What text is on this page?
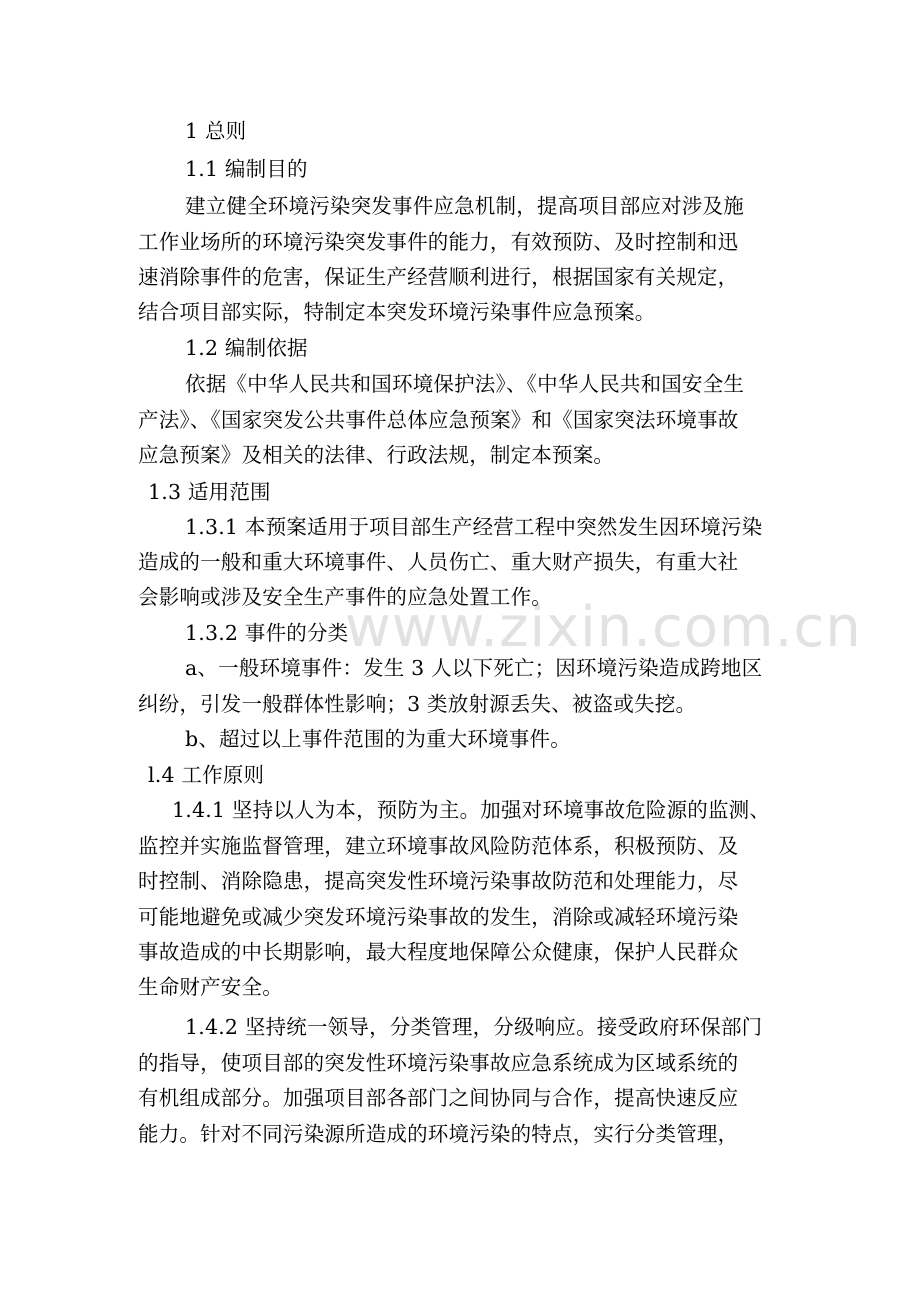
www.zixin.com.cn
1 总则
1.1 编制目的
建立健全环境污染突发事件应急机制，提高项目部应对涉及施
工作业场所的环境污染突发事件的能力，有效预防、及时控制和迅
速消除事件的危害，保证生产经营顺利进行，根据国家有关规定，
结合项目部实际，特制定本突发环境污染事件应急预案。
1.2 编制依据
依据《中华人民共和国环境保护法》、《中华人民共和国安全生
产法》、《国家突发公共事件总体应急预案》和《国家突法环境事故
应急预案》及相关的法律、行政法规，制定本预案。
1.3 适用范围
1.3.1 本预案适用于项目部生产经营工程中突然发生因环境污染
造成的一般和重大环境事件、人员伤亡、重大财产损失，有重大社
会影响或涉及安全生产事件的应急处置工作。
1.3.2 事件的分类
a、一般环境事件：发生 3 人以下死亡；因环境污染造成跨地区
纠纷，引发一般群体性影响；3 类放射源丢失、被盗或失挖。
b、超过以上事件范围的为重大环境事件。
l.4 工作原则
1.4.1 坚持以人为本，预防为主。加强对环境事故危险源的监测、
监控并实施监督管理，建立环境事故风险防范体系，积极预防、及
时控制、消除隐患，提高突发性环境污染事故防范和处理能力，尽
可能地避免或减少突发环境污染事故的发生，消除或减轻环境污染
事故造成的中长期影响，最大程度地保障公众健康，保护人民群众
生命财产安全。
1.4.2 坚持统一领导，分类管理，分级响应。接受政府环保部门
的指导，使项目部的突发性环境污染事故应急系统成为区域系统的
有机组成部分。加强项目部各部门之间协同与合作，提高快速反应
能力。针对不同污染源所造成的环境污染的特点，实行分类管理，
